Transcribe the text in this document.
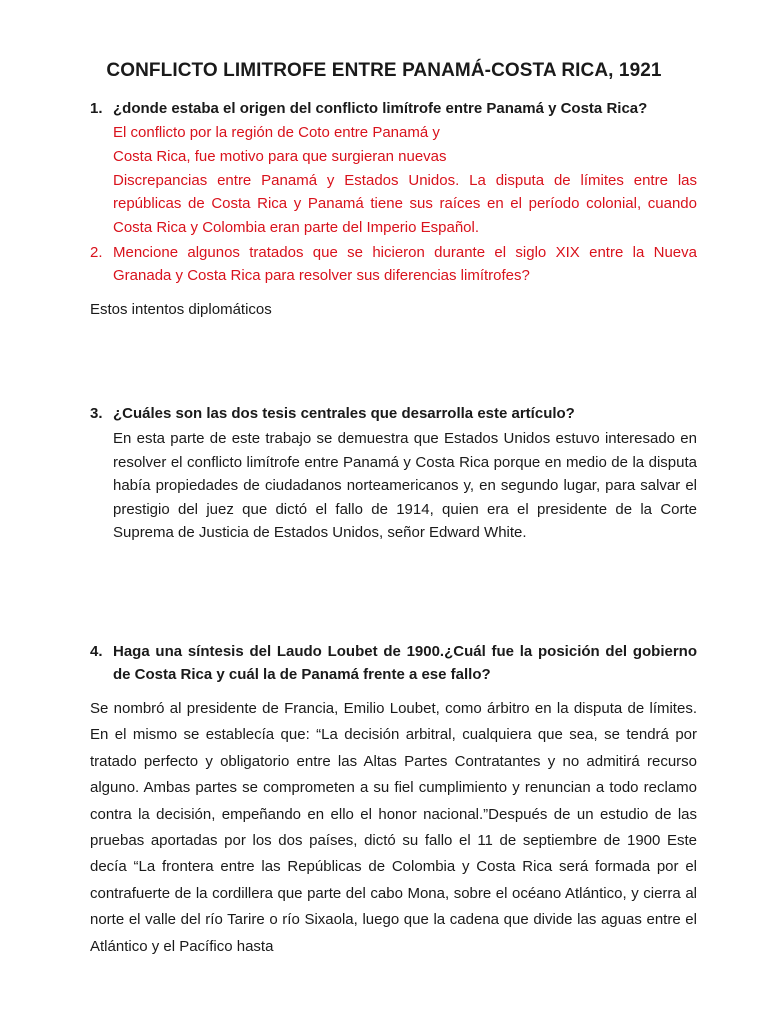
CONFLICTO LIMITROFE ENTRE PANAMÁ-COSTA RICA, 1921
1. ¿donde estaba el origen del conflicto limítrofe entre Panamá y Costa Rica?
El conflicto por la región de Coto entre Panamá y
Costa Rica, fue motivo para que surgieran nuevas
Discrepancias entre Panamá y Estados Unidos. La disputa de límites entre las repúblicas de Costa Rica y Panamá tiene sus raíces en el período colonial, cuando Costa Rica y Colombia eran parte del Imperio Español.
2. Mencione algunos tratados que se hicieron durante el siglo XIX entre la Nueva Granada y Costa Rica para resolver sus diferencias limítrofes?
Estos intentos diplomáticos
3. ¿Cuáles son las dos tesis centrales que desarrolla este artículo?
En esta parte de este trabajo se demuestra que Estados Unidos estuvo interesado en resolver el conflicto limítrofe entre Panamá y Costa Rica porque en medio de la disputa había propiedades de ciudadanos norteamericanos y, en segundo lugar, para salvar el prestigio del juez que dictó el fallo de 1914, quien era el presidente de la Corte Suprema de Justicia de Estados Unidos, señor Edward White.
4. Haga una síntesis del Laudo Loubet de 1900.¿Cuál fue la posición del gobierno de Costa Rica y cuál la de Panamá frente a ese fallo?
Se nombró al presidente de Francia, Emilio Loubet, como árbitro en la disputa de límites. En el mismo se establecía que: “La decisión arbitral, cualquiera que sea, se tendrá por tratado perfecto y obligatorio entre las Altas Partes Contratantes y no admitirá recurso alguno. Ambas partes se comprometen a su fiel cumplimiento y renuncian a todo reclamo contra la decisión, empeñando en ello el honor nacional.”Después de un estudio de las pruebas aportadas por los dos países, dictó su fallo el 11 de septiembre de 1900 Este decía “La frontera entre las Repúblicas de Colombia y Costa Rica será formada por el contrafuerte de la cordillera que parte del cabo Mona, sobre el océano Atlántico, y cierra al norte el valle del río Tarire o río Sixaola, luego que la cadena que divide las aguas entre el Atlántico y el Pacífico hasta
